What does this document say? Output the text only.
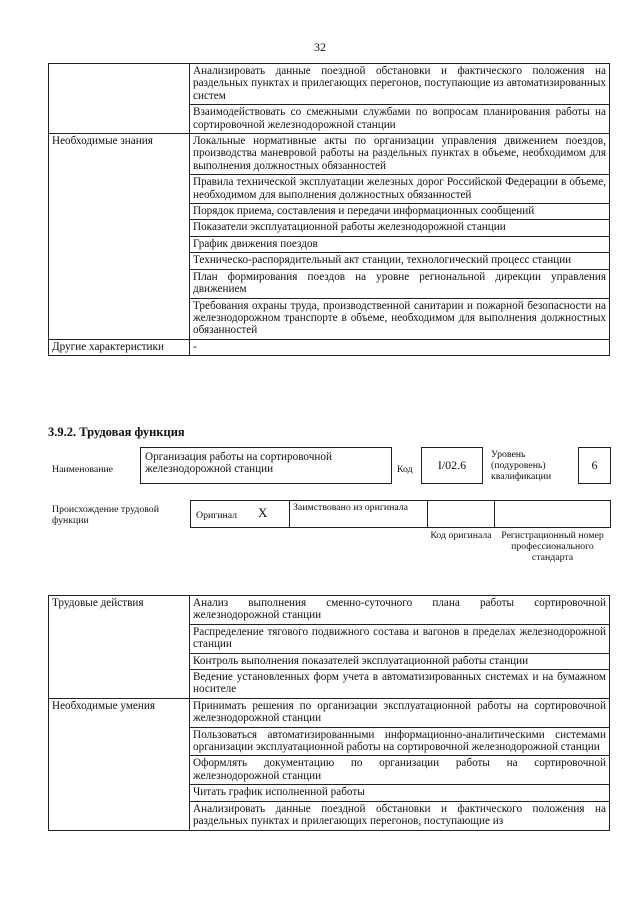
32
	Анализировать данные поездной обстановки и фактического положения на раздельных пунктах и прилегающих перегонов, поступающие из автоматизированных систем
	Взаимодействовать со смежными службами по вопросам планирования работы на сортировочной железнодорожной станции
Необходимые знания	Локальные нормативные акты по организации управления движением поездов, производства маневровой работы на раздельных пунктах в объеме, необходимом для выполнения должностных обязанностей
	Правила технической эксплуатации железных дорог Российской Федерации в объеме, необходимом для выполнения должностных обязанностей
	Порядок приема, составления и передачи информационных сообщений
	Показатели эксплуатационной работы железнодорожной станции
	График движения поездов
	Техническо-распорядительный акт станции, технологический процесс станции
	План формирования поездов на уровне региональной дирекции управления движением
	Требования охраны труда, производственной санитарии и пожарной безопасности на железнодорожном транспорте в объеме, необходимом для выполнения должностных обязанностей
Другие характеристики	-
3.9.2. Трудовая функция
Наименование
Организация работы на сортировочной железнодорожной станции	Код	I/02.6
Уровень (подуровень) квалификации
6
Происхождение трудовой функции	Оригинал X	Заимствовано из оригинала
Код оригинала Регистрационный номер профессионального стандарта
Трудовые действия	Анализ выполнения сменно-суточного плана работы сортировочной железнодорожной станции
	Распределение тягового подвижного состава и вагонов в пределах железнодорожной станции
	Контроль выполнения показателей эксплуатационной работы станции
	Ведение установленных форм учета в автоматизированных системах и на бумажном носителе
Необходимые умения	Принимать решения по организации эксплуатационной работы на сортировочной железнодорожной станции
	Пользоваться автоматизированными информационно-аналитическими системами организации эксплуатационной работы на сортировочной железнодорожной станции
	Оформлять документацию по организации работы на сортировочной железнодорожной станции
	Читать график исполненной работы
	Анализировать данные поездной обстановки и фактического положения на раздельных пунктах и прилегающих перегонов, поступающие из
